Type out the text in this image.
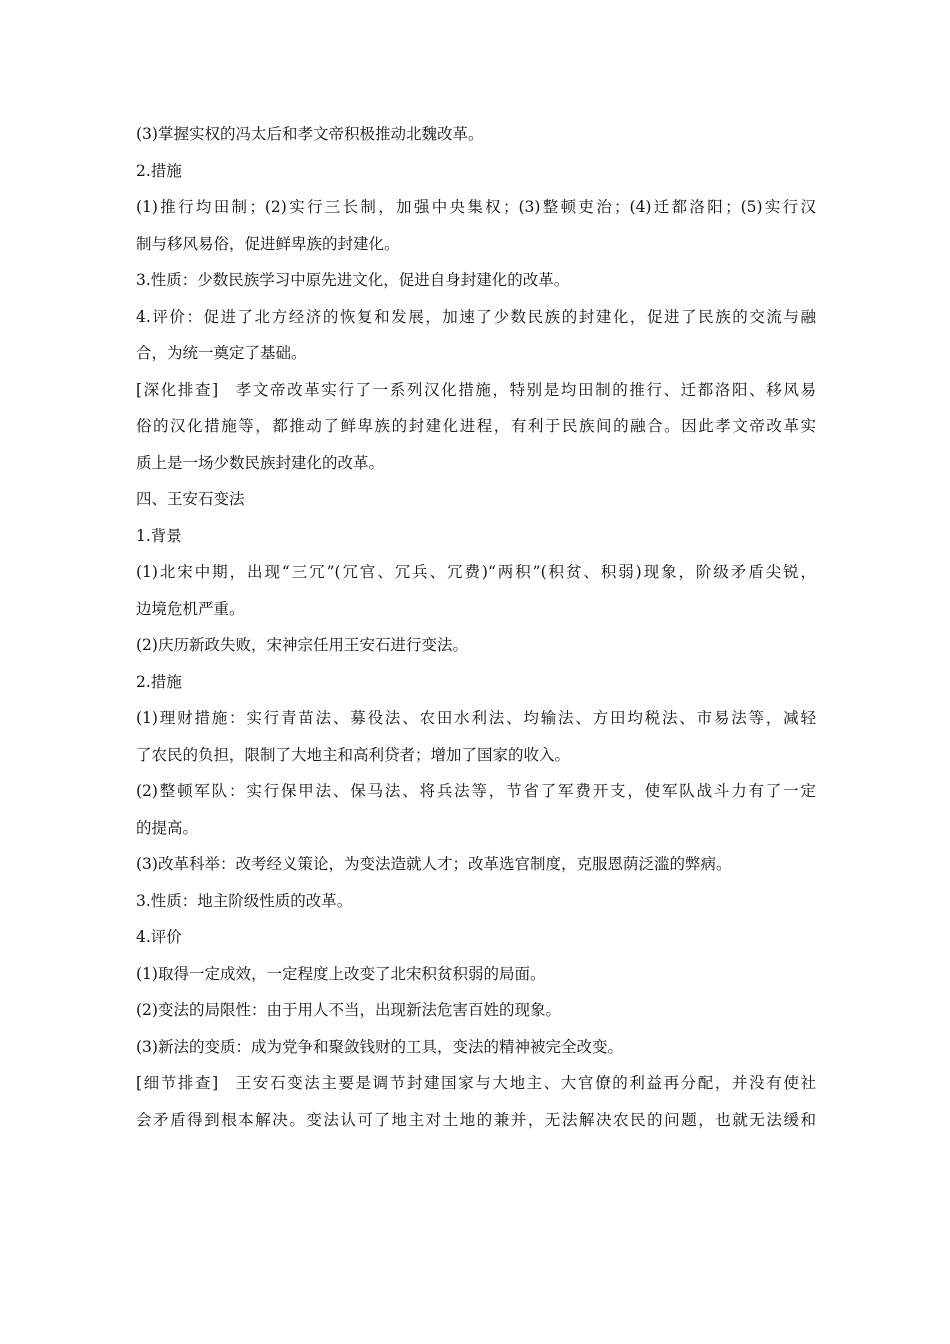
(3)掌握实权的冯太后和孝文帝积极推动北魏改革。
2.措施
(1)推行均田制；(2)实行三长制，加强中央集权；(3)整顿吏治；(4)迁都洛阳；(5)实行汉
制与移风易俗，促进鲜卑族的封建化。
3.性质：少数民族学习中原先进文化，促进自身封建化的改革。
4.评价：促进了北方经济的恢复和发展，加速了少数民族的封建化，促进了民族的交流与融
合，为统一奠定了基础。
[深化排查] 孝文帝改革实行了一系列汉化措施，特别是均田制的推行、迁都洛阳、移风易
俗的汉化措施等，都推动了鲜卑族的封建化进程，有利于民族间的融合。因此孝文帝改革实
质上是一场少数民族封建化的改革。
四、王安石变法
1.背景
(1)北宋中期，出现“三冗”(冗官、冗兵、冗费)“两积”(积贫、积弱)现象，阶级矛盾尖锐，
边境危机严重。
(2)庆历新政失败，宋神宗任用王安石进行变法。
2.措施
(1)理财措施：实行青苗法、募役法、农田水利法、均输法、方田均税法、市易法等，减轻
了农民的负担，限制了大地主和高利贷者；增加了国家的收入。
(2)整顿军队：实行保甲法、保马法、将兵法等，节省了军费开支，使军队战斗力有了一定
的提高。
(3)改革科举：改考经义策论，为变法造就人才；改革选官制度，克服恩荫泛滥的弊病。
3.性质：地主阶级性质的改革。
4.评价
(1)取得一定成效，一定程度上改变了北宋积贫积弱的局面。
(2)变法的局限性：由于用人不当，出现新法危害百姓的现象。
(3)新法的变质：成为党争和聚敛钱财的工具，变法的精神被完全改变。
[细节排查] 王安石变法主要是调节封建国家与大地主、大官僚的利益再分配，并没有使社
会矛盾得到根本解决。变法认可了地主对土地的兼并，无法解决农民的问题，也就无法缓和
